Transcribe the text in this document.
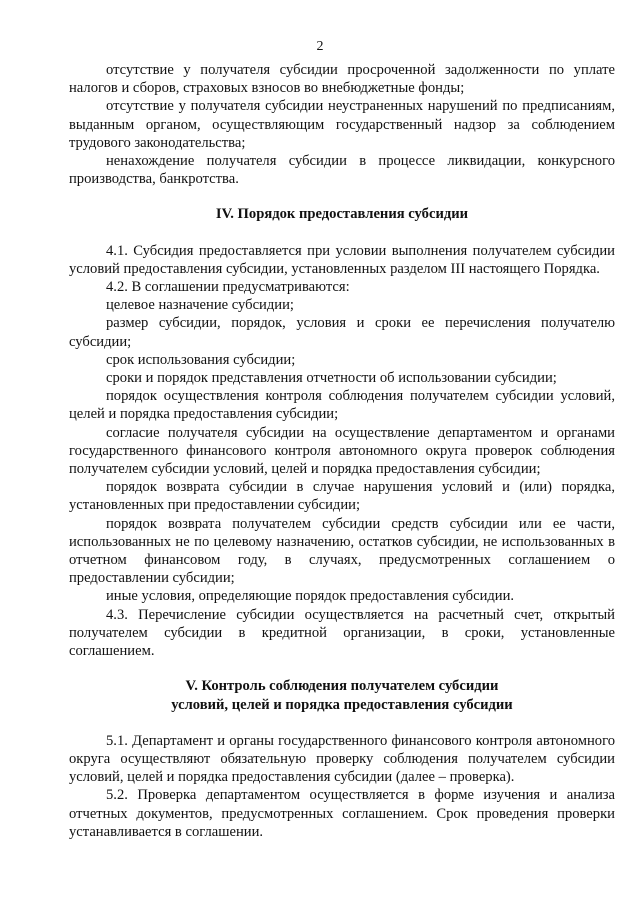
2

отсутствие у получателя субсидии просроченной задолженности по уплате налогов и сборов, страховых взносов во внебюджетные фонды;

отсутствие у получателя субсидии неустраненных нарушений по предписаниям, выданным органом, осуществляющим государственный надзор за соблюдением трудового законодательства;

ненахождение получателя субсидии в процессе ликвидации, конкурсного производства, банкротства.

IV. Порядок предоставления субсидии

4.1. Субсидия предоставляется при условии выполнения получателем субсидии условий предоставления субсидии, установленных разделом III настоящего Порядка.

4.2. В соглашении предусматриваются:

целевое назначение субсидии;

размер субсидии, порядок, условия и сроки ее перечисления получателю субсидии;

срок использования субсидии;

сроки и порядок представления отчетности об использовании субсидии;

порядок осуществления контроля соблюдения получателем субсидии условий, целей и порядка предоставления субсидии;

согласие получателя субсидии на осуществление департаментом и органами государственного финансового контроля автономного округа проверок соблюдения получателем субсидии условий, целей и порядка предоставления субсидии;

порядок возврата субсидии в случае нарушения условий и (или) порядка, установленных при предоставлении субсидии;

порядок возврата получателем субсидии средств субсидии или ее части, использованных не по целевому назначению, остатков субсидии, не использованных в отчетном финансовом году, в случаях, предусмотренных соглашением о предоставлении субсидии;

иные условия, определяющие порядок предоставления субсидии.

4.3. Перечисление субсидии осуществляется на расчетный счет, открытый получателем субсидии в кредитной организации, в сроки, установленные соглашением.

V. Контроль соблюдения получателем субсидии
условий, целей и порядка предоставления субсидии

5.1. Департамент и органы государственного финансового контроля автономного округа осуществляют обязательную проверку соблюдения получателем субсидии условий, целей и порядка предоставления субсидии (далее – проверка).

5.2. Проверка департаментом осуществляется в форме изучения и анализа отчетных документов, предусмотренных соглашением. Срок проведения проверки устанавливается в соглашении.
